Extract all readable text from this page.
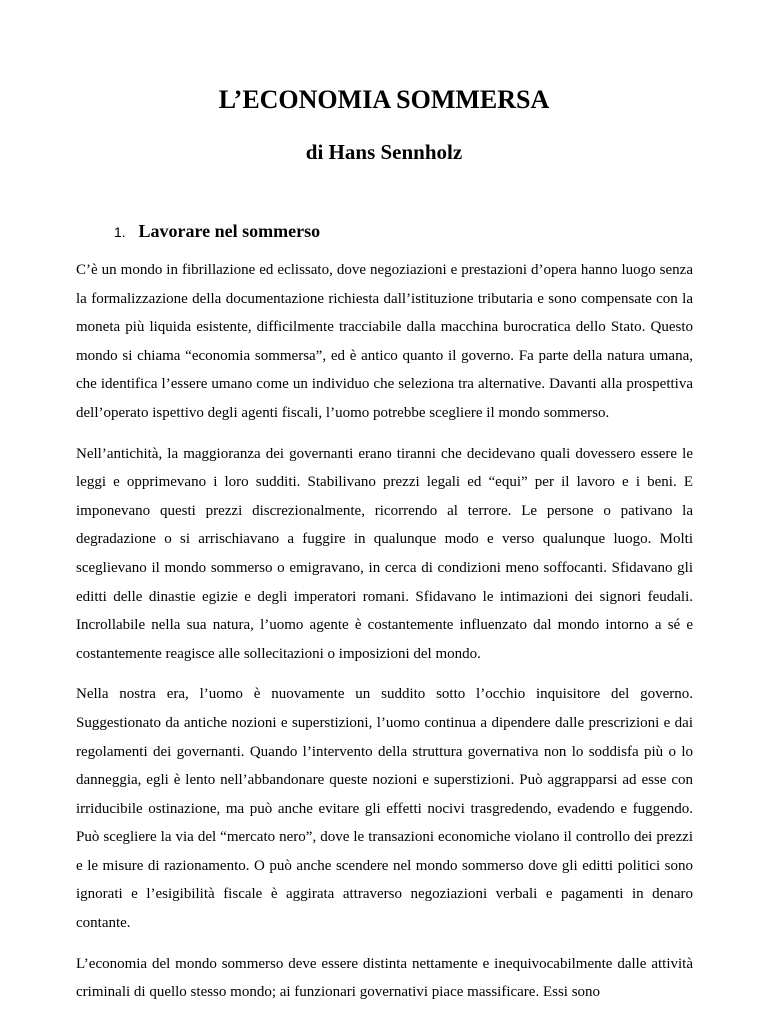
L’ECONOMIA SOMMERSA
di Hans Sennholz
1. Lavorare nel sommerso

C’è un mondo in fibrillazione ed eclissato, dove negoziazioni e prestazioni d’opera hanno luogo senza la formalizzazione della documentazione richiesta dall’istituzione tributaria e sono compensate con la moneta più liquida esistente, difficilmente tracciabile dalla macchina burocratica dello Stato. Questo mondo si chiama “economia sommersa”, ed è antico quanto il governo. Fa parte della natura umana, che identifica l’essere umano come un individuo che seleziona tra alternative. Davanti alla prospettiva dell’operato ispettivo degli agenti fiscali, l’uomo potrebbe scegliere il mondo sommerso.

Nell’antichità, la maggioranza dei governanti erano tiranni che decidevano quali dovessero essere le leggi e opprimevano i loro sudditi. Stabilivano prezzi legali ed “equi” per il lavoro e i beni. E imponevano questi prezzi discrezionalmente, ricorrendo al terrore. Le persone o pativano la degradazione o si arrischiavano a fuggire in qualunque modo e verso qualunque luogo. Molti sceglievano il mondo sommerso o emigravano, in cerca di condizioni meno soffocanti. Sfidavano gli editti delle dinastie egizie e degli imperatori romani. Sfidavano le intimazioni dei signori feudali. Incrollabile nella sua natura, l’uomo agente è costantemente influenzato dal mondo intorno a sé e costantemente reagisce alle sollecitazioni o imposizioni del mondo.

Nella nostra era, l’uomo è nuovamente un suddito sotto l’occhio inquisitore del governo. Suggestionato da antiche nozioni e superstizioni, l’uomo continua a dipendere dalle prescrizioni e dai regolamenti dei governanti. Quando l’intervento della struttura governativa non lo soddisfa più o lo danneggia, egli è lento nell’abbandonare queste nozioni e superstizioni. Può aggrapparsi ad esse con irriducibile ostinazione, ma può anche evitare gli effetti nocivi trasgredendo, evadendo e fuggendo. Può scegliere la via del “mercato nero”, dove le transazioni economiche violano il controllo dei prezzi e le misure di razionamento. O può anche scendere nel mondo sommerso dove gli editti politici sono ignorati e l’esigibilità fiscale è aggirata attraverso negoziazioni verbali e pagamenti in denaro contante.

L’economia del mondo sommerso deve essere distinta nettamente e inequivocabilmente dalle attività criminali di quello stesso mondo; ai funzionari governativi piace massificare. Essi sono
